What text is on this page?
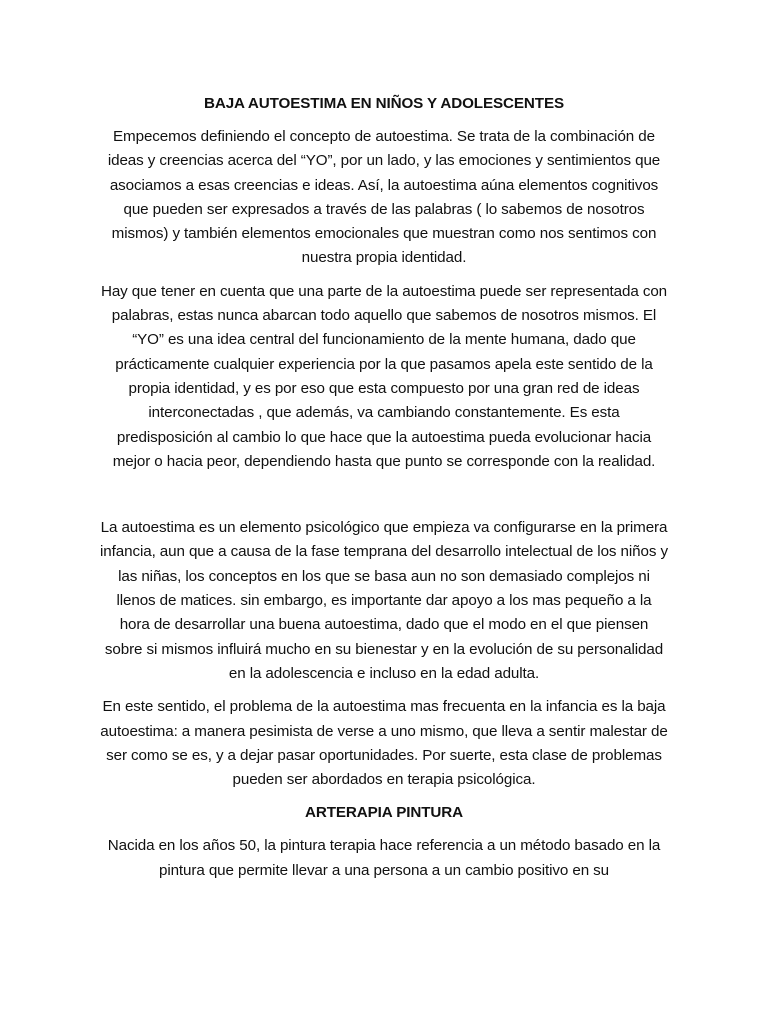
BAJA AUTOESTIMA EN NIÑOS Y ADOLESCENTES
Empecemos definiendo el concepto de autoestima. Se trata de la combinación de ideas y creencias acerca del “YO”, por un lado, y las emociones y sentimientos que asociamos a esas creencias e ideas. Así, la autoestima aúna elementos cognitivos que pueden ser expresados a través de las palabras ( lo sabemos de nosotros mismos) y también elementos emocionales que muestran como nos sentimos con nuestra propia identidad.
Hay que tener en cuenta que una parte de la autoestima puede ser representada con palabras, estas nunca abarcan todo aquello que sabemos de nosotros mismos. El “YO” es una idea central del funcionamiento de la mente humana, dado que prácticamente cualquier experiencia por la que pasamos apela este sentido de la propia identidad, y es por eso que esta compuesto por una gran red de ideas interconectadas , que además, va cambiando constantemente. Es esta predisposición al cambio lo que hace que la autoestima pueda evolucionar hacia mejor o hacia peor, dependiendo hasta que punto se corresponde con la realidad.
La autoestima es un elemento psicológico que empieza va configurarse en la primera infancia, aun que a causa de la fase temprana del desarrollo intelectual de los niños y las niñas, los conceptos en los que se basa aun no son demasiado complejos ni llenos de matices. sin embargo, es importante dar apoyo a los mas pequeño a la hora de desarrollar una buena autoestima, dado que el modo en el que piensen sobre si mismos influirá mucho en su bienestar y en la evolución de su personalidad en la adolescencia e incluso en la edad adulta.
En este sentido, el problema de la autoestima mas frecuenta en la infancia es la baja autoestima: a manera pesimista de verse a uno mismo, que lleva a sentir malestar de ser como se es, y a dejar pasar oportunidades. Por suerte, esta clase de problemas pueden ser abordados en terapia psicológica.
ARTERAPIA PINTURA
Nacida en los años 50, la pintura terapia hace referencia a un método basado en la pintura que permite llevar a una persona a un cambio positivo en su
